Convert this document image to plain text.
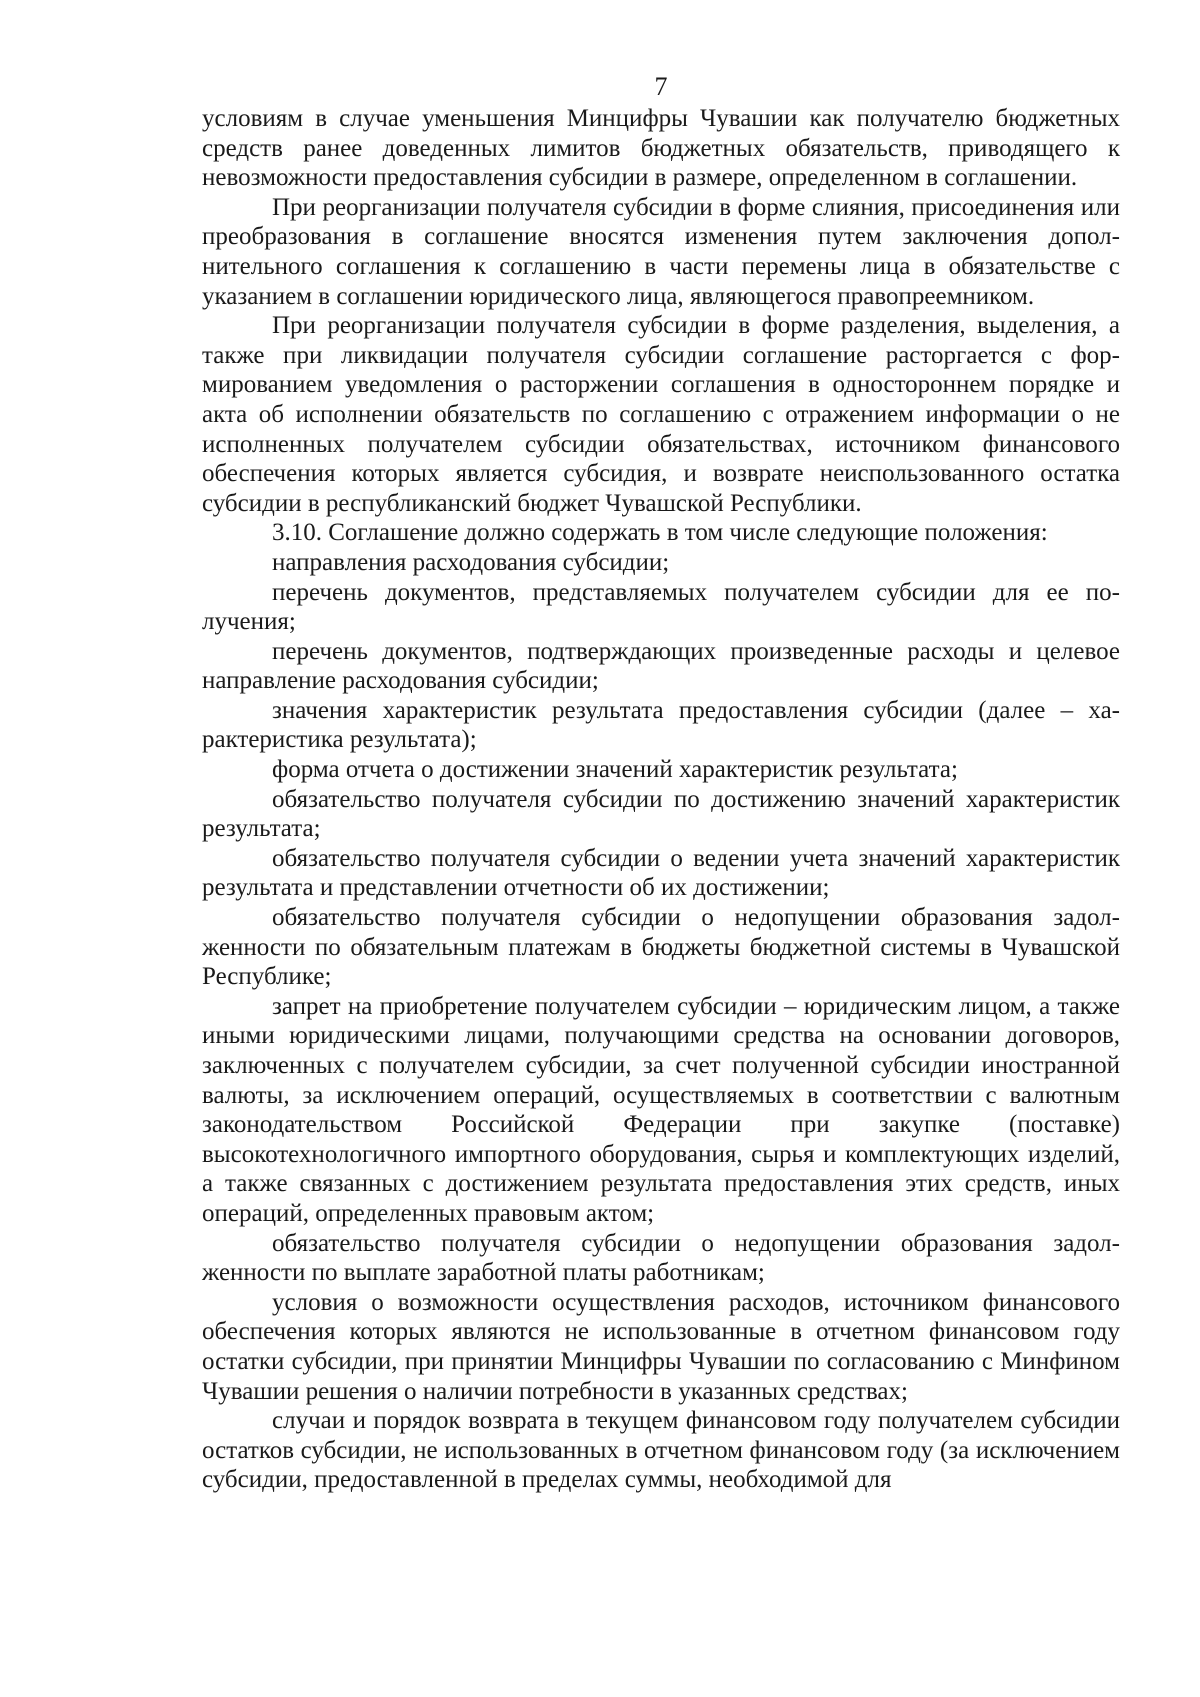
7

условиям в случае уменьшения Минцифры Чувашии как получателю бюджетных средств ранее доведенных лимитов бюджетных обязательств, приводящего к невозможности предоставления субсидии в размере, определенном в соглашении.

При реорганизации получателя субсидии в форме слияния, присоединения или преобразования в соглашение вносятся изменения путем заключения дополнительного соглашения к соглашению в части перемены лица в обязательстве с указанием в соглашении юридического лица, являющегося правопреемником.

При реорганизации получателя субсидии в форме разделения, выделения, а также при ликвидации получателя субсидии соглашение расторгается с формированием уведомления о расторжении соглашения в одностороннем порядке и акта об исполнении обязательств по соглашению с отражением информации о не исполненных получателем субсидии обязательствах, источником финансового обеспечения которых является субсидия, и возврате неиспользованного остатка субсидии в республиканский бюджет Чувашской Республики.

3.10. Соглашение должно содержать в том числе следующие положения:

направления расходования субсидии;

перечень документов, представляемых получателем субсидии для ее получения;

перечень документов, подтверждающих произведенные расходы и целевое направление расходования субсидии;

значения характеристик результата предоставления субсидии (далее – характеристика результата);

форма отчета о достижении значений характеристик результата;

обязательство получателя субсидии по достижению значений характеристик результата;

обязательство получателя субсидии о ведении учета значений характеристик результата и представлении отчетности об их достижении;

обязательство получателя субсидии о недопущении образования задолженности по обязательным платежам в бюджеты бюджетной системы в Чувашской Республике;

запрет на приобретение получателем субсидии – юридическим лицом, а также иными юридическими лицами, получающими средства на основании договоров, заключенных с получателем субсидии, за счет полученной субсидии иностранной валюты, за исключением операций, осуществляемых в соответствии с валютным законодательством Российской Федерации при закупке (поставке) высокотехнологичного импортного оборудования, сырья и комплектующих изделий, а также связанных с достижением результата предоставления этих средств, иных операций, определенных правовым актом;

обязательство получателя субсидии о недопущении образования задолженности по выплате заработной платы работникам;

условия о возможности осуществления расходов, источником финансового обеспечения которых являются не использованные в отчетном финансовом году остатки субсидии, при принятии Минцифры Чувашии по согласованию с Минфином Чувашии решения о наличии потребности в указанных средствах;

случаи и порядок возврата в текущем финансовом году получателем субсидии остатков субсидии, не использованных в отчетном финансовом году (за исключением субсидии, предоставленной в пределах суммы, необходимой для
